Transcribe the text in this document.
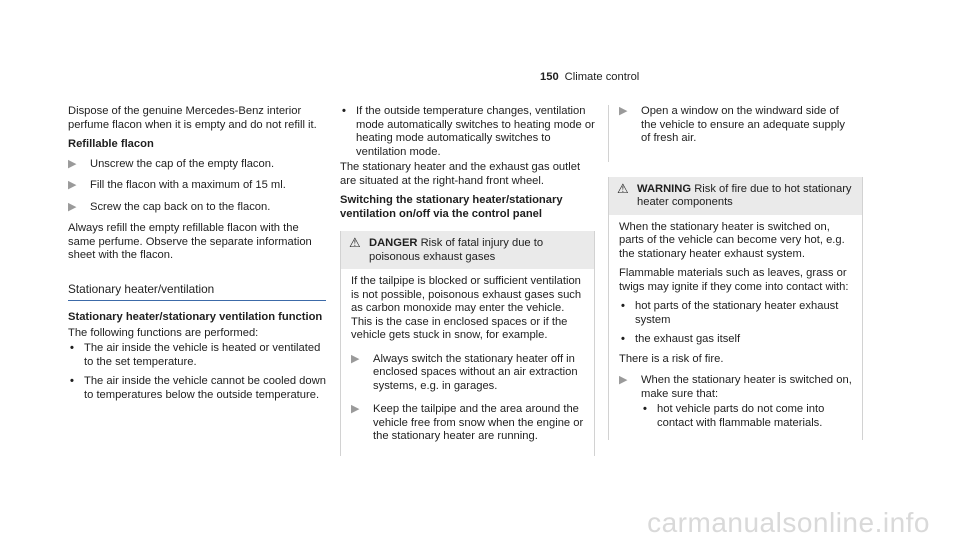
150 Climate control

Dispose of the genuine Mercedes-Benz interior perfume flacon when it is empty and do not refill it.

Refillable flacon

▶ Unscrew the cap of the empty flacon.
▶ Fill the flacon with a maximum of 15 ml.
▶ Screw the cap back on to the flacon.

Always refill the empty refillable flacon with the same perfume. Observe the separate information sheet with the flacon.

Stationary heater/ventilation

Stationary heater/stationary ventilation function

The following functions are performed:

• The air inside the vehicle is heated or ventilated to the set temperature.
• The air inside the vehicle cannot be cooled down to temperatures below the outside temperature.
• If the outside temperature changes, ventilation mode automatically switches to heating mode or heating mode automatically switches to ventilation mode.

The stationary heater and the exhaust gas outlet are situated at the right-hand front wheel.

Switching the stationary heater/stationary ventilation on/off via the control panel

⚠ DANGER Risk of fatal injury due to poisonous exhaust gases

If the tailpipe is blocked or sufficient ventilation is not possible, poisonous exhaust gases such as carbon monoxide may enter the vehicle. This is the case in enclosed spaces or if the vehicle gets stuck in snow, for example.

▶ Always switch the stationary heater off in enclosed spaces without an air extraction systems, e.g. in garages.
▶ Keep the tailpipe and the area around the vehicle free from snow when the engine or the stationary heater are running.
▶ Open a window on the windward side of the vehicle to ensure an adequate supply of fresh air.
⚠ WARNING Risk of fire due to hot stationary heater components

When the stationary heater is switched on, parts of the vehicle can become very hot, e.g. the stationary heater exhaust system.

Flammable materials such as leaves, grass or twigs may ignite if they come into contact with:

• hot parts of the stationary heater exhaust system
• the exhaust gas itself

There is a risk of fire.

▶ When the stationary heater is switched on, make sure that:
• hot vehicle parts do not come into contact with flammable materials.
carmanualsonline.info
